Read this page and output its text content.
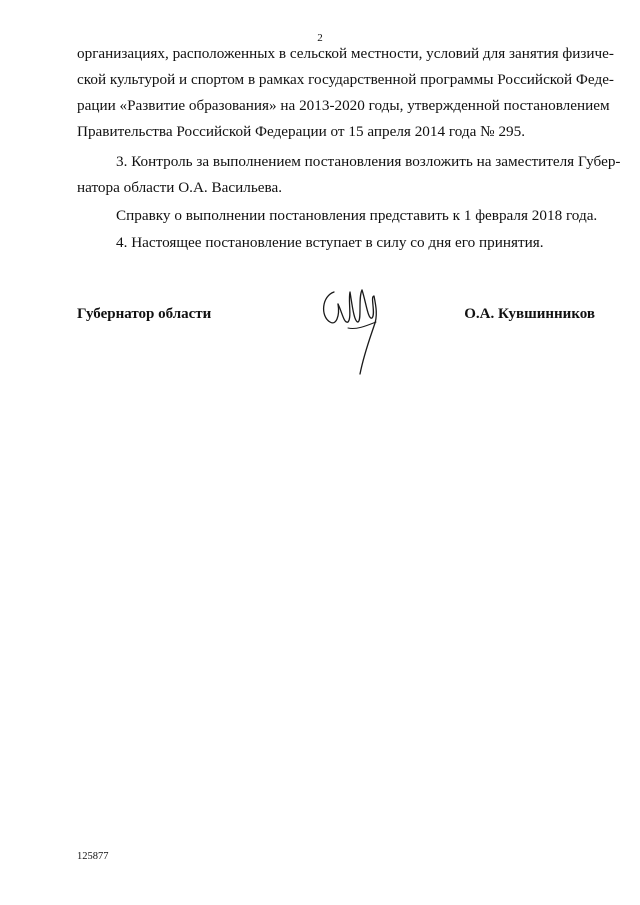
2
организациях, расположенных в сельской местности, условий для занятия физиче-
ской культурой и спортом в рамках государственной программы Российской Феде-
рации «Развитие образования» на 2013-2020 годы, утвержденной постановлением
Правительства Российской Федерации от 15 апреля 2014 года № 295.
3. Контроль за выполнением постановления возложить на заместителя Губер-
натора области О.А. Васильева.
Справку о выполнении постановления представить к 1 февраля 2018 года.
4. Настоящее постановление вступает в силу со дня его принятия.
Губернатор области	О.А. Кувшинников
125877
